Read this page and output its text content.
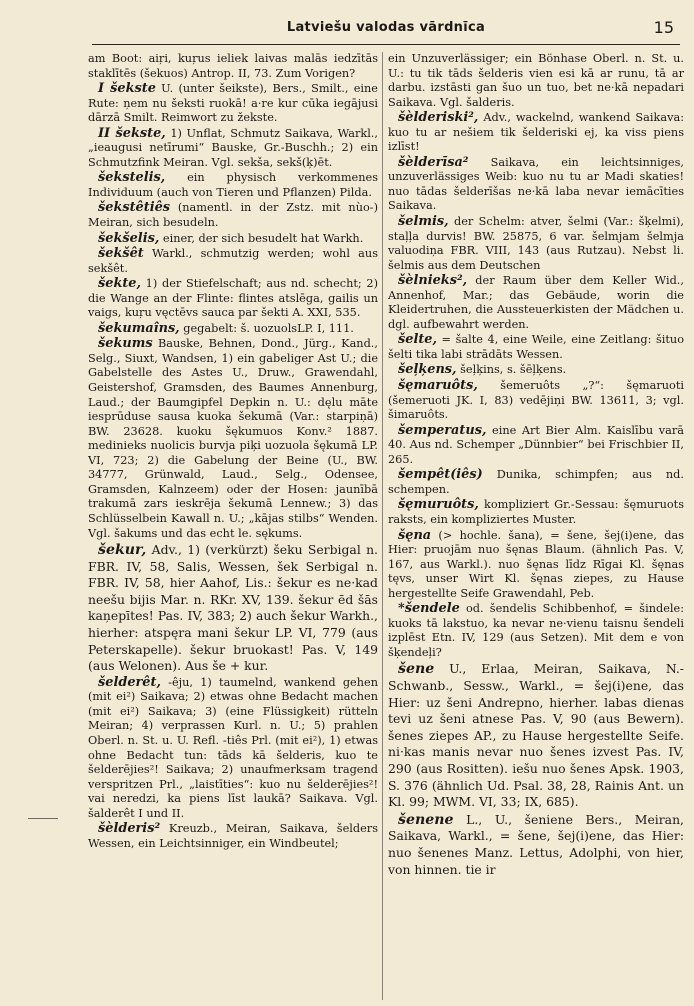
Latviešu valodas vārdnīca	15

am Boot: aiŗi, kuŗus ieliek laivas malās iedzītās staklītēs (šekuos) Antrop. II, 73. Zum Vorigen?

I šekste U. (unter šeikste), Bers., Smilt., eine Rute: ņem nu šeksti ruokā! a·re kur cūka iegājusi dārzā Smilt. Reimwort zu žekste.

II šekste, 1) Unflat, Schmutz Saikava, Warkl., „ieaugusi netīrumi“ Bauske, Gr.-Buschh.; 2) ein Schmutzfink Meiran. Vgl. sekša, sekš(ķ)ēt.

šekstelis, ein physisch verkommenes Individuum (auch von Tieren und Pflanzen) Pilda.

šekstêtiês (namentl. in der Zstz. mit nùo-) Meiran, sich besudeln.

šekšelis, einer, der sich besudelt hat Warkh.

šekšêt Warkl., schmutzig werden; wohl aus sekšêt.

šekte, 1) der Stiefelschaft; aus nd. schecht; 2) die Wange an der Flinte: flintes atslēga, gailis un vaigs, kuŗu vęctēvs sauca par šekti A. XXI, 535.

šekumaîns, gegabelt: š. uozuolsLP. I, 111.

šekums Bauske, Behnen, Dond., Jürg., Kand., Selg., Siuxt, Wandsen, 1) ein gabeliger Ast U.; die Gabelstelle des Astes U., Druw., Grawendahl, Geistershof, Gramsden, des Baumes Annenburg, Laud.; der Baumgipfel Depkin n. U.: dęlu māte iesprūduse sausa kuoka šekumā (Var.: starpiņā) BW. 23628. kuoku šękumuos Konv.² 1887. medinieks nuolicis burvja piķi uozuola šękumā LP. VI, 723; 2) die Gabelung der Beine (U., BW. 34777, Grünwald, Laud., Selg., Odensee, Gramsden, Kalnzeem) oder der Hosen: jaunībā trakumā zars ieskrēja šekumā Lennew.; 3) das Schlüsselbein Kawall n. U.; „kājas stilbs“ Wenden. Vgl. šakums und das echt le. sękums.

šekur, Adv., 1) (verkürzt) šeku Serbigal n. FBR. IV, 58, Salis, Wessen, šek Serbigal n. FBR. IV, 58, hier Aahof, Lis.: šekur es ne·kad neešu bijis Mar. n. RKr. XV, 139. šekur ēd šās kaņepītes! Pas. IV, 383; 2) auch šekur Warkh., hierher: atspęra mani šekur LP. VI, 779 (aus Peterskapelle). šekur bruokast! Pas. V, 149 (aus Welonen). Aus še + kur.

šelderêt, -êju, 1) taumelnd, wankend gehen (mit ei²) Saikava; 2) etwas ohne Bedacht machen (mit ei²) Saikava; 3) (eine Flüssigkeit) rütteln Meiran; 4) verprassen Kurl. n. U.; 5) prahlen Oberl. n. St. u. U. Refl. -tiês Prl. (mit ei²), 1) etwas ohne Bedacht tun: tāds kā šelderis, kuo te šelderējies²! Saikava; 2) unaufmerksam tragend verspritzen Prl., „laistīties“: kuo nu šelderējies²! vai neredzi, ka piens līst laukā? Saikava. Vgl. šalderêt I und II.

šèlderis² Kreuzb., Meiran, Saikava, šelders Wessen, ein Leichtsinniger, ein Windbeutel;

ein Unzuverlässiger; ein Bönhase Oberl. n. St. u. U.: tu tik tāds šelderis vien esi kā ar runu, tā ar darbu. izstāsti gan šuo un tuo, bet ne·kā nepadari Saikava. Vgl. šalderis.

šèlderiski², Adv., wackelnd, wankend Saikava: kuo tu ar nešiem tik šelderiski ej, ka viss piens izlīst!

šèlderīsa² Saikava, ein leichtsinniges, unzuverlässiges Weib: kuo nu tu ar Madi skaties! nuo tādas šelderīšas ne·kā laba nevar iemācīties Saikava.

šelmis, der Schelm: atver, šelmi (Var.: šķelmi), staļļa durvis! BW. 25875, 6 var. šelmjam šelmja valuodiņa FBR. VIII, 143 (aus Rutzau). Nebst li. šelmis aus dem Deutschen

šèlnieks², der Raum über dem Keller Wid., Annenhof, Mar.; das Gebäude, worin die Kleidertruhen, die Aussteuerkisten der Mädchen u. dgl. aufbewahrt werden.

šelte, = šalte 4, eine Weile, eine Zeitlang: šituo šelti tika labi strādāts Wessen.

šeļķens, šeļķins, s. šēļķens.

šęmaruôts, šemeruôts „?“: šęmaruoti (šemeruoti JK. I, 83) vedējiņi BW. 13611, 3; vgl. šimaruôts.

šemperatus, eine Art Bier Alm. Kaislību varā 40. Aus nd. Schemper „Dünnbier“ bei Frischbier II, 265.

šempêt(iês) Dunika, schimpfen; aus nd. schempen.

šęmuruôts, kompliziert Gr.-Sessau: šęmuruots raksts, ein kompliziertes Muster.

šęna (> hochle. šana), = šene, šej(i)ene, das Hier: pruojām nuo šęnas Blaum. (ähnlich Pas. V, 167, aus Warkl.). nuo šęnas līdz Rīgai Kl. šęnas tęvs, unser Wirt Kl. šęnas ziepes, zu Hause hergestellte Seife Grawendahl, Peb.

*šendele od. šendelis Schibbenhof, = šindele: kuoks tā lakstuo, ka nevar ne·vienu taisnu šendeli izplēst Etn. IV, 129 (aus Setzen). Mit dem e von šķendeļi?

šene U., Erlaa, Meiran, Saikava, N.-Schwanb., Sessw., Warkl., = šej(i)ene, das Hier: uz šeni Andrepno, hierher. labas dienas tevi uz šeni atnese Pas. V, 90 (aus Bewern). šenes ziepes AP., zu Hause hergestellte Seife. ni·kas manis nevar nuo šenes izvest Pas. IV, 290 (aus Rositten). iešu nuo šenes Apsk. 1903, S. 376 (ähnlich Ud. Psal. 38, 28, Rainis Ant. un Kl. 99; MWM. VI, 33; IX, 685).

šenene L., U., šeniene Bers., Meiran, Saikava, Warkl., = šene, šej(i)ene, das Hier: nuo šenenes Manz. Lettus, Adolphi, von hier, von hinnen. tie ir
